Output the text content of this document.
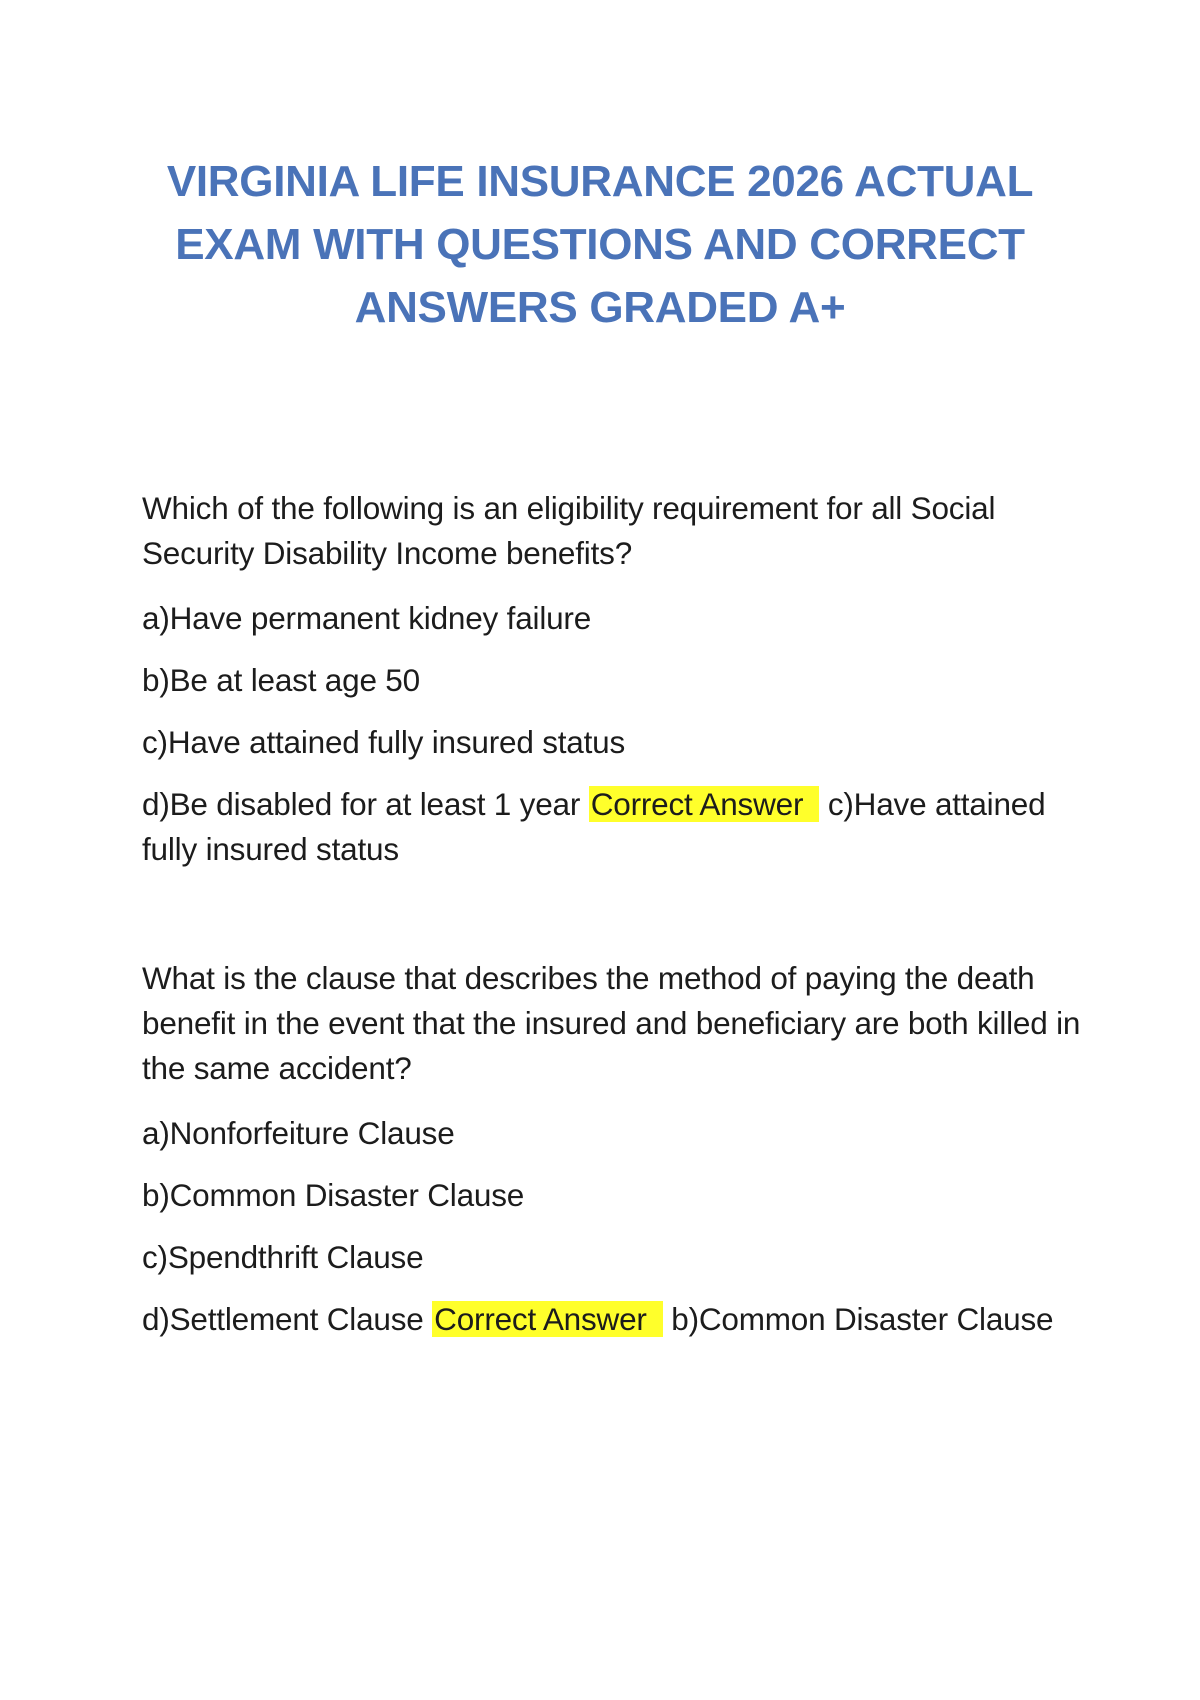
VIRGINIA LIFE INSURANCE 2026 ACTUAL
EXAM WITH QUESTIONS AND CORRECT
ANSWERS GRADED A+

Which of the following is an eligibility requirement for all Social Security Disability Income benefits?

a)Have permanent kidney failure

b)Be at least age 50

c)Have attained fully insured status

d)Be disabled for at least 1 year Correct Answer c)Have attained fully insured status

What is the clause that describes the method of paying the death benefit in the event that the insured and beneficiary are both killed in the same accident?

a)Nonforfeiture Clause

b)Common Disaster Clause

c)Spendthrift Clause

d)Settlement Clause Correct Answer b)Common Disaster Clause
